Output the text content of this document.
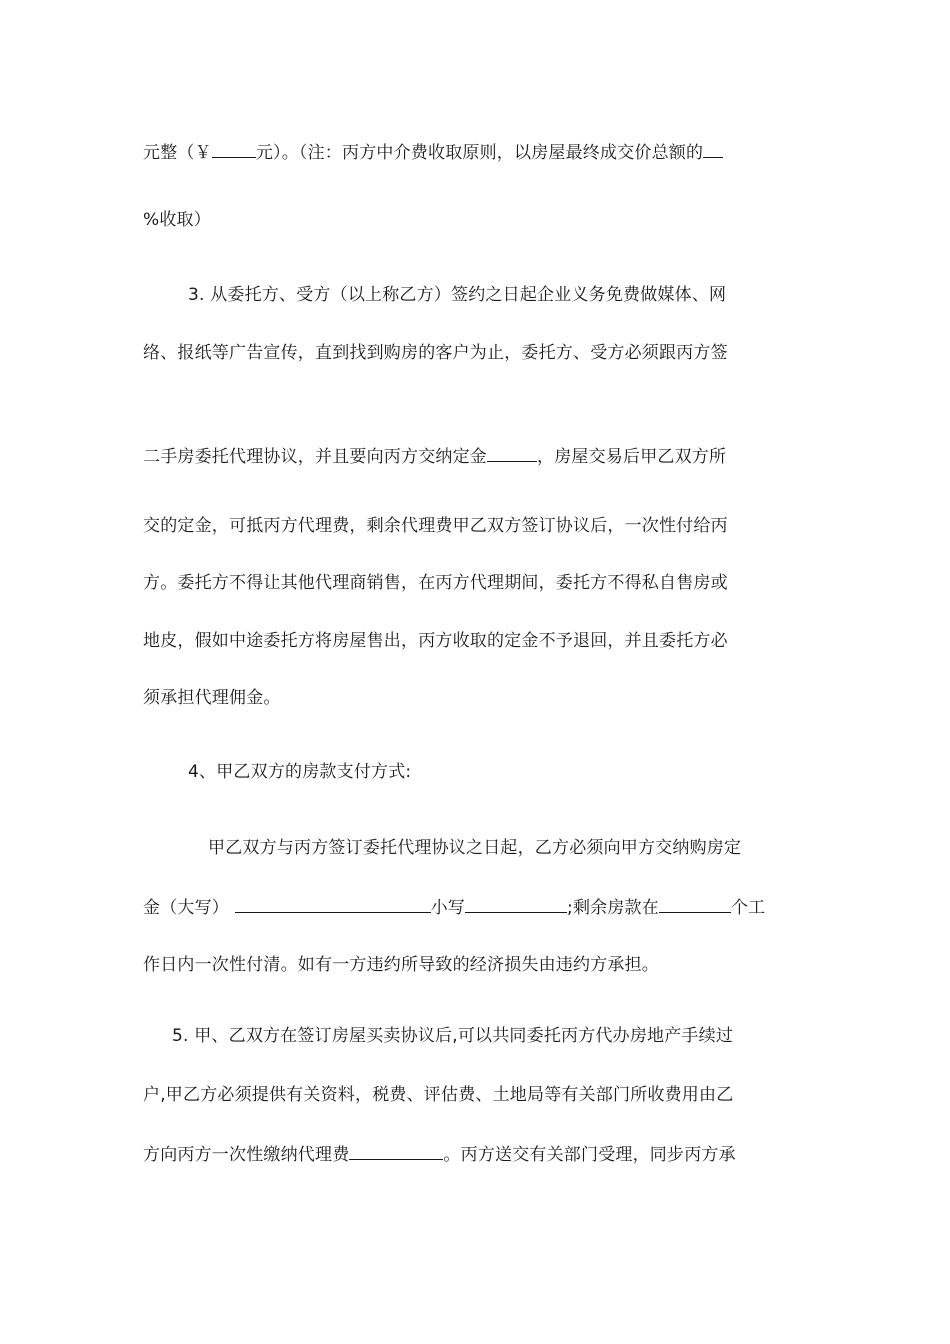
元整（￥	元）。（注：丙方中介费收取原则，以房屋最终成交价总额的
%收取）
3. 从委托方、受方（以上称乙方）签约之日起企业义务免费做媒体、网
络、报纸等广告宣传，直到找到购房的客户为止，委托方、受方必须跟丙方签
二手房委托代理协议，并且要向丙方交纳定金	，房屋交易后甲乙双方所
交的定金，可抵丙方代理费，剩余代理费甲乙双方签订协议后，一次性付给丙
方。委托方不得让其他代理商销售，在丙方代理期间，委托方不得私自售房或
地皮，假如中途委托方将房屋售出，丙方收取的定金不予退回，并且委托方必
须承担代理佣金。
4、甲乙双方的房款支付方式:
甲乙双方与丙方签订委托代理协议之日起，乙方必须向甲方交纳购房定
金（大写）	小写	;剩余房款在	个工
作日内一次性付清。如有一方违约所导致的经济损失由违约方承担。
5. 甲、乙双方在签订房屋买卖协议后,可以共同委托丙方代办房地产手续过
户,甲乙方必须提供有关资料，税费、评估费、土地局等有关部门所收费用由乙
方向丙方一次性缴纳代理费	。丙方送交有关部门受理，同步丙方承
